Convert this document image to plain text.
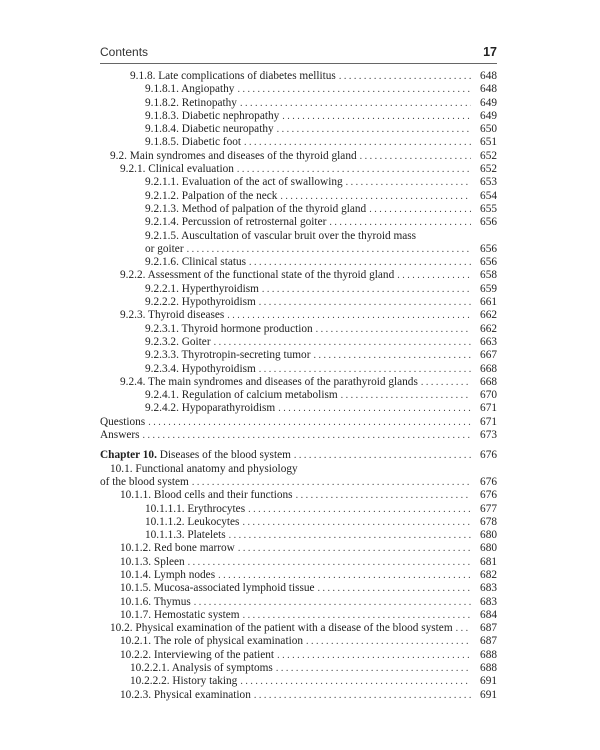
Contents	17
9.1.8. Late complications of diabetes mellitus . . .	648
9.1.8.1. Angiopathy . . .	648
9.1.8.2. Retinopathy . . .	649
9.1.8.3. Diabetic nephropathy . . .	649
9.1.8.4. Diabetic neuropathy . . .	650
9.1.8.5. Diabetic foot . . .	651
9.2. Main syndromes and diseases of the thyroid gland . . .	652
9.2.1. Clinical evaluation . . .	652
9.2.1.1. Evaluation of the act of swallowing . . .	653
9.2.1.2. Palpation of the neck . . .	654
9.2.1.3. Method of palpation of the thyroid gland . . .	655
9.2.1.4. Percussion of retrosternal goiter . . .	656
9.2.1.5. Auscultation of vascular bruit over the thyroid mass
or goiter . . .	656
9.2.1.6. Clinical status . . .	656
9.2.2. Assessment of the functional state of the thyroid gland . . .	658
9.2.2.1. Hyperthyroidism . . .	659
9.2.2.2. Hypothyroidism . . .	661
9.2.3. Thyroid diseases . . .	662
9.2.3.1. Thyroid hormone production . . .	662
9.2.3.2. Goiter . . .	663
9.2.3.3. Thyrotropin-secreting tumor . . .	667
9.2.3.4. Hypothyroidism . . .	668
9.2.4. The main syndromes and diseases of the parathyroid glands . . .	668
9.2.4.1. Regulation of calcium metabolism . . .	670
9.2.4.2. Hypoparathyroidism . . .	671
Questions . . .	671
Answers . . .	673
Chapter 10. Diseases of the blood system . . .	676
10.1. Functional anatomy and physiology
of the blood system . . .	676
10.1.1. Blood cells and their functions . . .	676
10.1.1.1. Erythrocytes . . .	677
10.1.1.2. Leukocytes . . .	678
10.1.1.3. Platelets . . .	680
10.1.2. Red bone marrow . . .	680
10.1.3. Spleen . . .	681
10.1.4. Lymph nodes . . .	682
10.1.5. Mucosa-associated lymphoid tissue . . .	683
10.1.6. Thymus . . .	683
10.1.7. Hemostatic system . . .	684
10.2. Physical examination of the patient with a disease of the blood system . . .	687
10.2.1. The role of physical examination . . .	687
10.2.2. Interviewing of the patient . . .	688
10.2.2.1. Analysis of symptoms . . .	688
10.2.2.2. History taking . . .	691
10.2.3. Physical examination . . .	691
